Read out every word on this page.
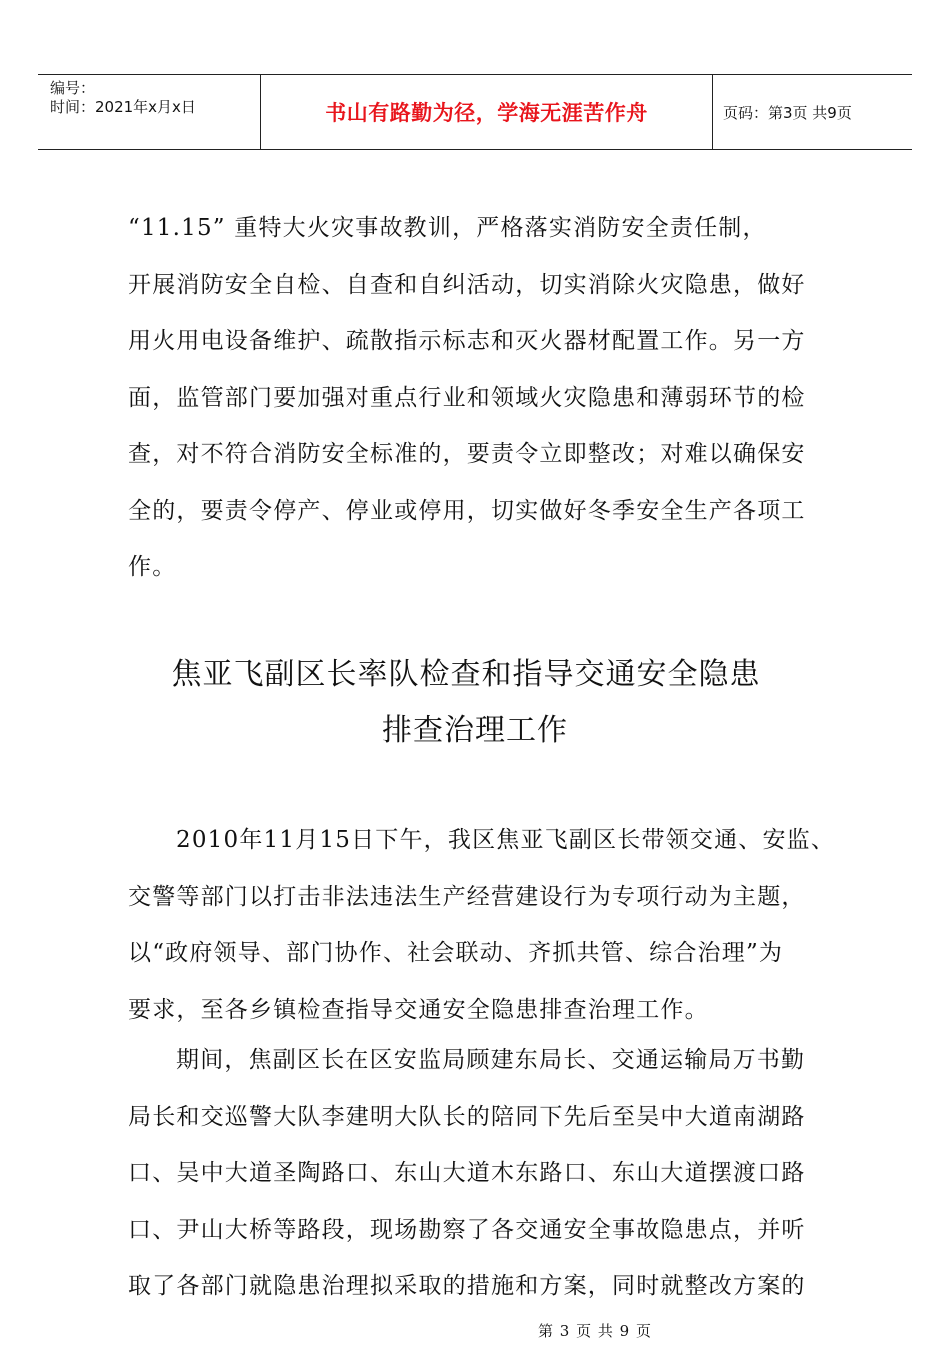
编号：
时间：2021年x月x日	书山有路勤为径，学海无涯苦作舟	页码：第3页 共9页

“11.15” 重特大火灾事故教训，严格落实消防安全责任制，

开展消防安全自检、自查和自纠活动，切实消除火灾隐患，做好

用火用电设备维护、疏散指示标志和灭火器材配置工作。另一方

面，监管部门要加强对重点行业和领域火灾隐患和薄弱环节的检

查，对不符合消防安全标准的，要责令立即整改；对难以确保安

全的，要责令停产、停业或停用，切实做好冬季安全生产各项工

作。

焦亚飞副区长率队检查和指导交通安全隐患
排查治理工作

2010年11月15日下午，我区焦亚飞副区长带领交通、安监、

交警等部门以打击非法违法生产经营建设行为专项行动为主题，

以“政府领导、部门协作、社会联动、齐抓共管、综合治理”为

要求，至各乡镇检查指导交通安全隐患排查治理工作。

期间，焦副区长在区安监局顾建东局长、交通运输局万书勤

局长和交巡警大队李建明大队长的陪同下先后至吴中大道南湖路

口、吴中大道圣陶路口、东山大道木东路口、东山大道摆渡口路

口、尹山大桥等路段，现场勘察了各交通安全事故隐患点，并听

取了各部门就隐患治理拟采取的措施和方案，同时就整改方案的

第 3 页 共 9 页
